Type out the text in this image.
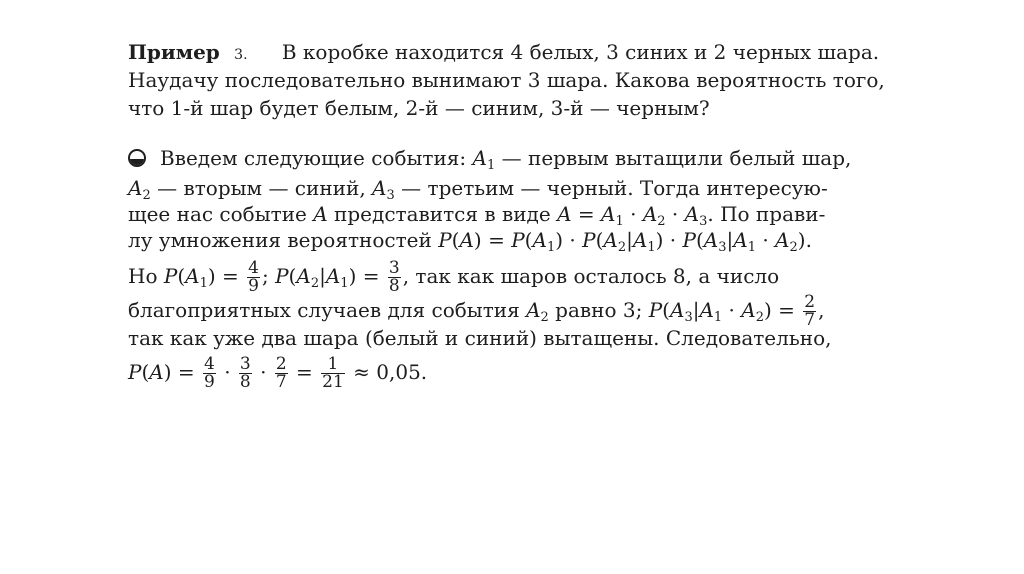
Пример 3. В коробке находится 4 белых, 3 синих и 2 черных шара.
Наудачу последовательно вынимают 3 шара. Какова вероятность того,
что 1-й шар будет белым, 2-й — синим, 3-й — черным?
Введем следующие события: $A_1$ — первым вытащили белый шар,
$A_2$ — вторым — синий, $A_3$ — третьим — черный. Тогда интересую-
щее нас событие A представится в виде $A = A_1 \cdot A_2 \cdot A_3$. По прави-
лу умножения вероятностей $P(A) = P(A_1) \cdot P(A_2|A_1) \cdot P(A_3|A_1 \cdot A_2)$.
Но $P(A_1) = \frac{4}{9}$ ; $P(A_2|A_1) = \frac{3}{8}$ , так как шаров осталось 8, а число
благоприятных случаев для события $A_2$ равно 3; $P(A_3|A_1 \cdot A_2) = \frac{2}{7}$ ,
так как уже два шара (белый и синий) вытащены. Следовательно,
$P(A) = \frac{4}{9} \cdot \frac{3}{8} \cdot \frac{2}{7} = \frac{1}{21} \approx 0,05$.
